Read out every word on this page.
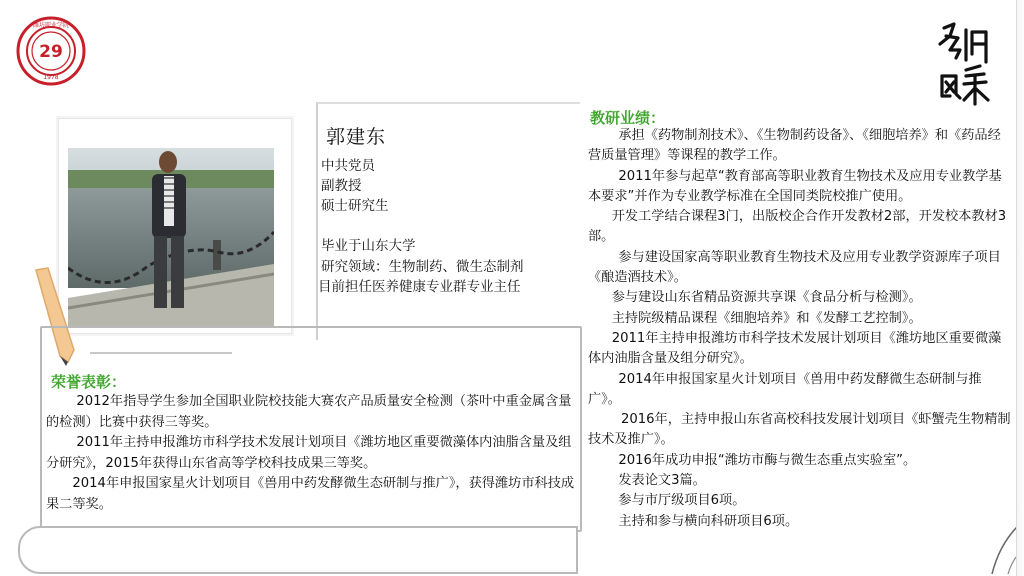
29
1978
潍坊职业学院
郭建东
中共党员
副教授
硕士研究生
毕业于山东大学
研究领域：生物制药、微生态制剂
目前担任医养健康专业群专业主任
荣誉表彰：

2012年指导学生参加全国职业院校技能大赛农产品质量安全检测（茶叶中重金属含量的检测）比赛中获得三等奖。

2011年主持申报潍坊市科学技术发展计划项目《潍坊地区重要微藻体内油脂含量及组分研究》，2015年获得山东省高等学校科技成果三等奖。

2014年申报国家星火计划项目《兽用中药发酵微生态研制与推广》，获得潍坊市科技成果二等奖。

教研业绩：

承担《药物制剂技术》、《生物制药设备》、《细胞培养》和《药品经营质量管理》等课程的教学工作。

2011年参与起草“教育部高等职业教育生物技术及应用专业教学基本要求”并作为专业教学标准在全国同类院校推广使用。

开发工学结合课程3门，出版校企合作开发教材2部，开发校本教材3部。

参与建设国家高等职业教育生物技术及应用专业教学资源库子项目《酿造酒技术》。

参与建设山东省精品资源共享课《食品分析与检测》。

主持院级精品课程《细胞培养》和《发酵工艺控制》。

2011年主持申报潍坊市科学技术发展计划项目《潍坊地区重要微藻体内油脂含量及组分研究》。

2014年申报国家星火计划项目《兽用中药发酵微生态研制与推广》。

2016年，主持申报山东省高校科技发展计划项目《虾蟹壳生物精制技术及推广》。

2016年成功申报“潍坊市酶与微生态重点实验室”。

发表论文3篇。

参与市厅级项目6项。

主持和参与横向科研项目6项。
